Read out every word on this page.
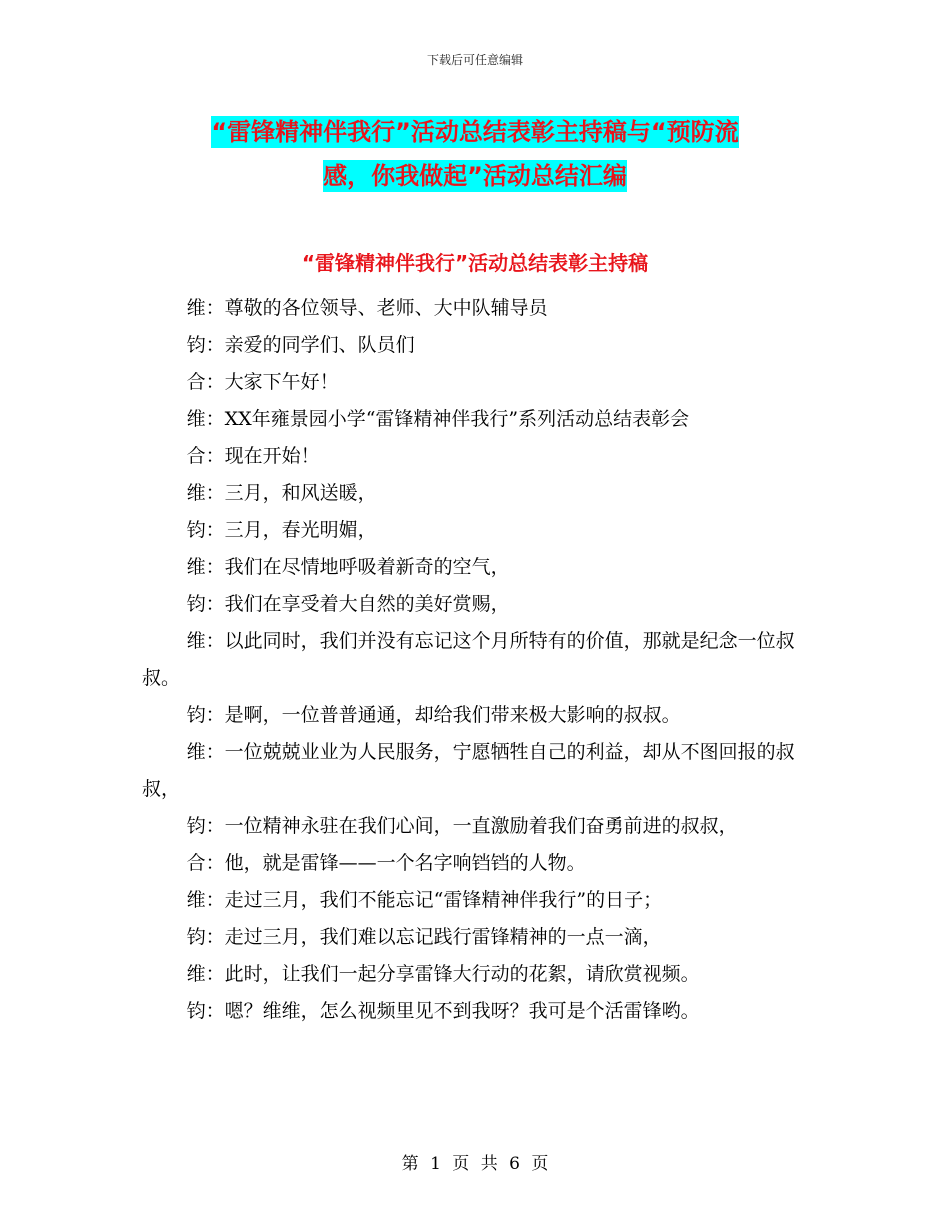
下载后可任意编辑
“雷锋精神伴我行”活动总结表彰主持稿与“预防流
感，你我做起”活动总结汇编
“雷锋精神伴我行”活动总结表彰主持稿

维：尊敬的各位领导、老师、大中队辅导员

钧：亲爱的同学们、队员们

合：大家下午好！

维：XX年雍景园小学“雷锋精神伴我行”系列活动总结表彰会

合：现在开始！

维：三月，和风送暖，

钧：三月，春光明媚，

维：我们在尽情地呼吸着新奇的空气，

钧：我们在享受着大自然的美好赏赐，

维：以此同时，我们并没有忘记这个月所特有的价值，那就是纪念一位叔叔。

钧：是啊，一位普普通通，却给我们带来极大影响的叔叔。

维：一位兢兢业业为人民服务，宁愿牺牲自己的利益，却从不图回报的叔叔，

钧：一位精神永驻在我们心间，一直激励着我们奋勇前进的叔叔，

合：他，就是雷锋——一个名字响铛铛的人物。

维：走过三月，我们不能忘记“雷锋精神伴我行”的日子；

钧：走过三月，我们难以忘记践行雷锋精神的一点一滴，

维：此时，让我们一起分享雷锋大行动的花絮，请欣赏视频。

钧：嗯？维维，怎么视频里见不到我呀？我可是个活雷锋哟。

第 1 页 共 6 页
